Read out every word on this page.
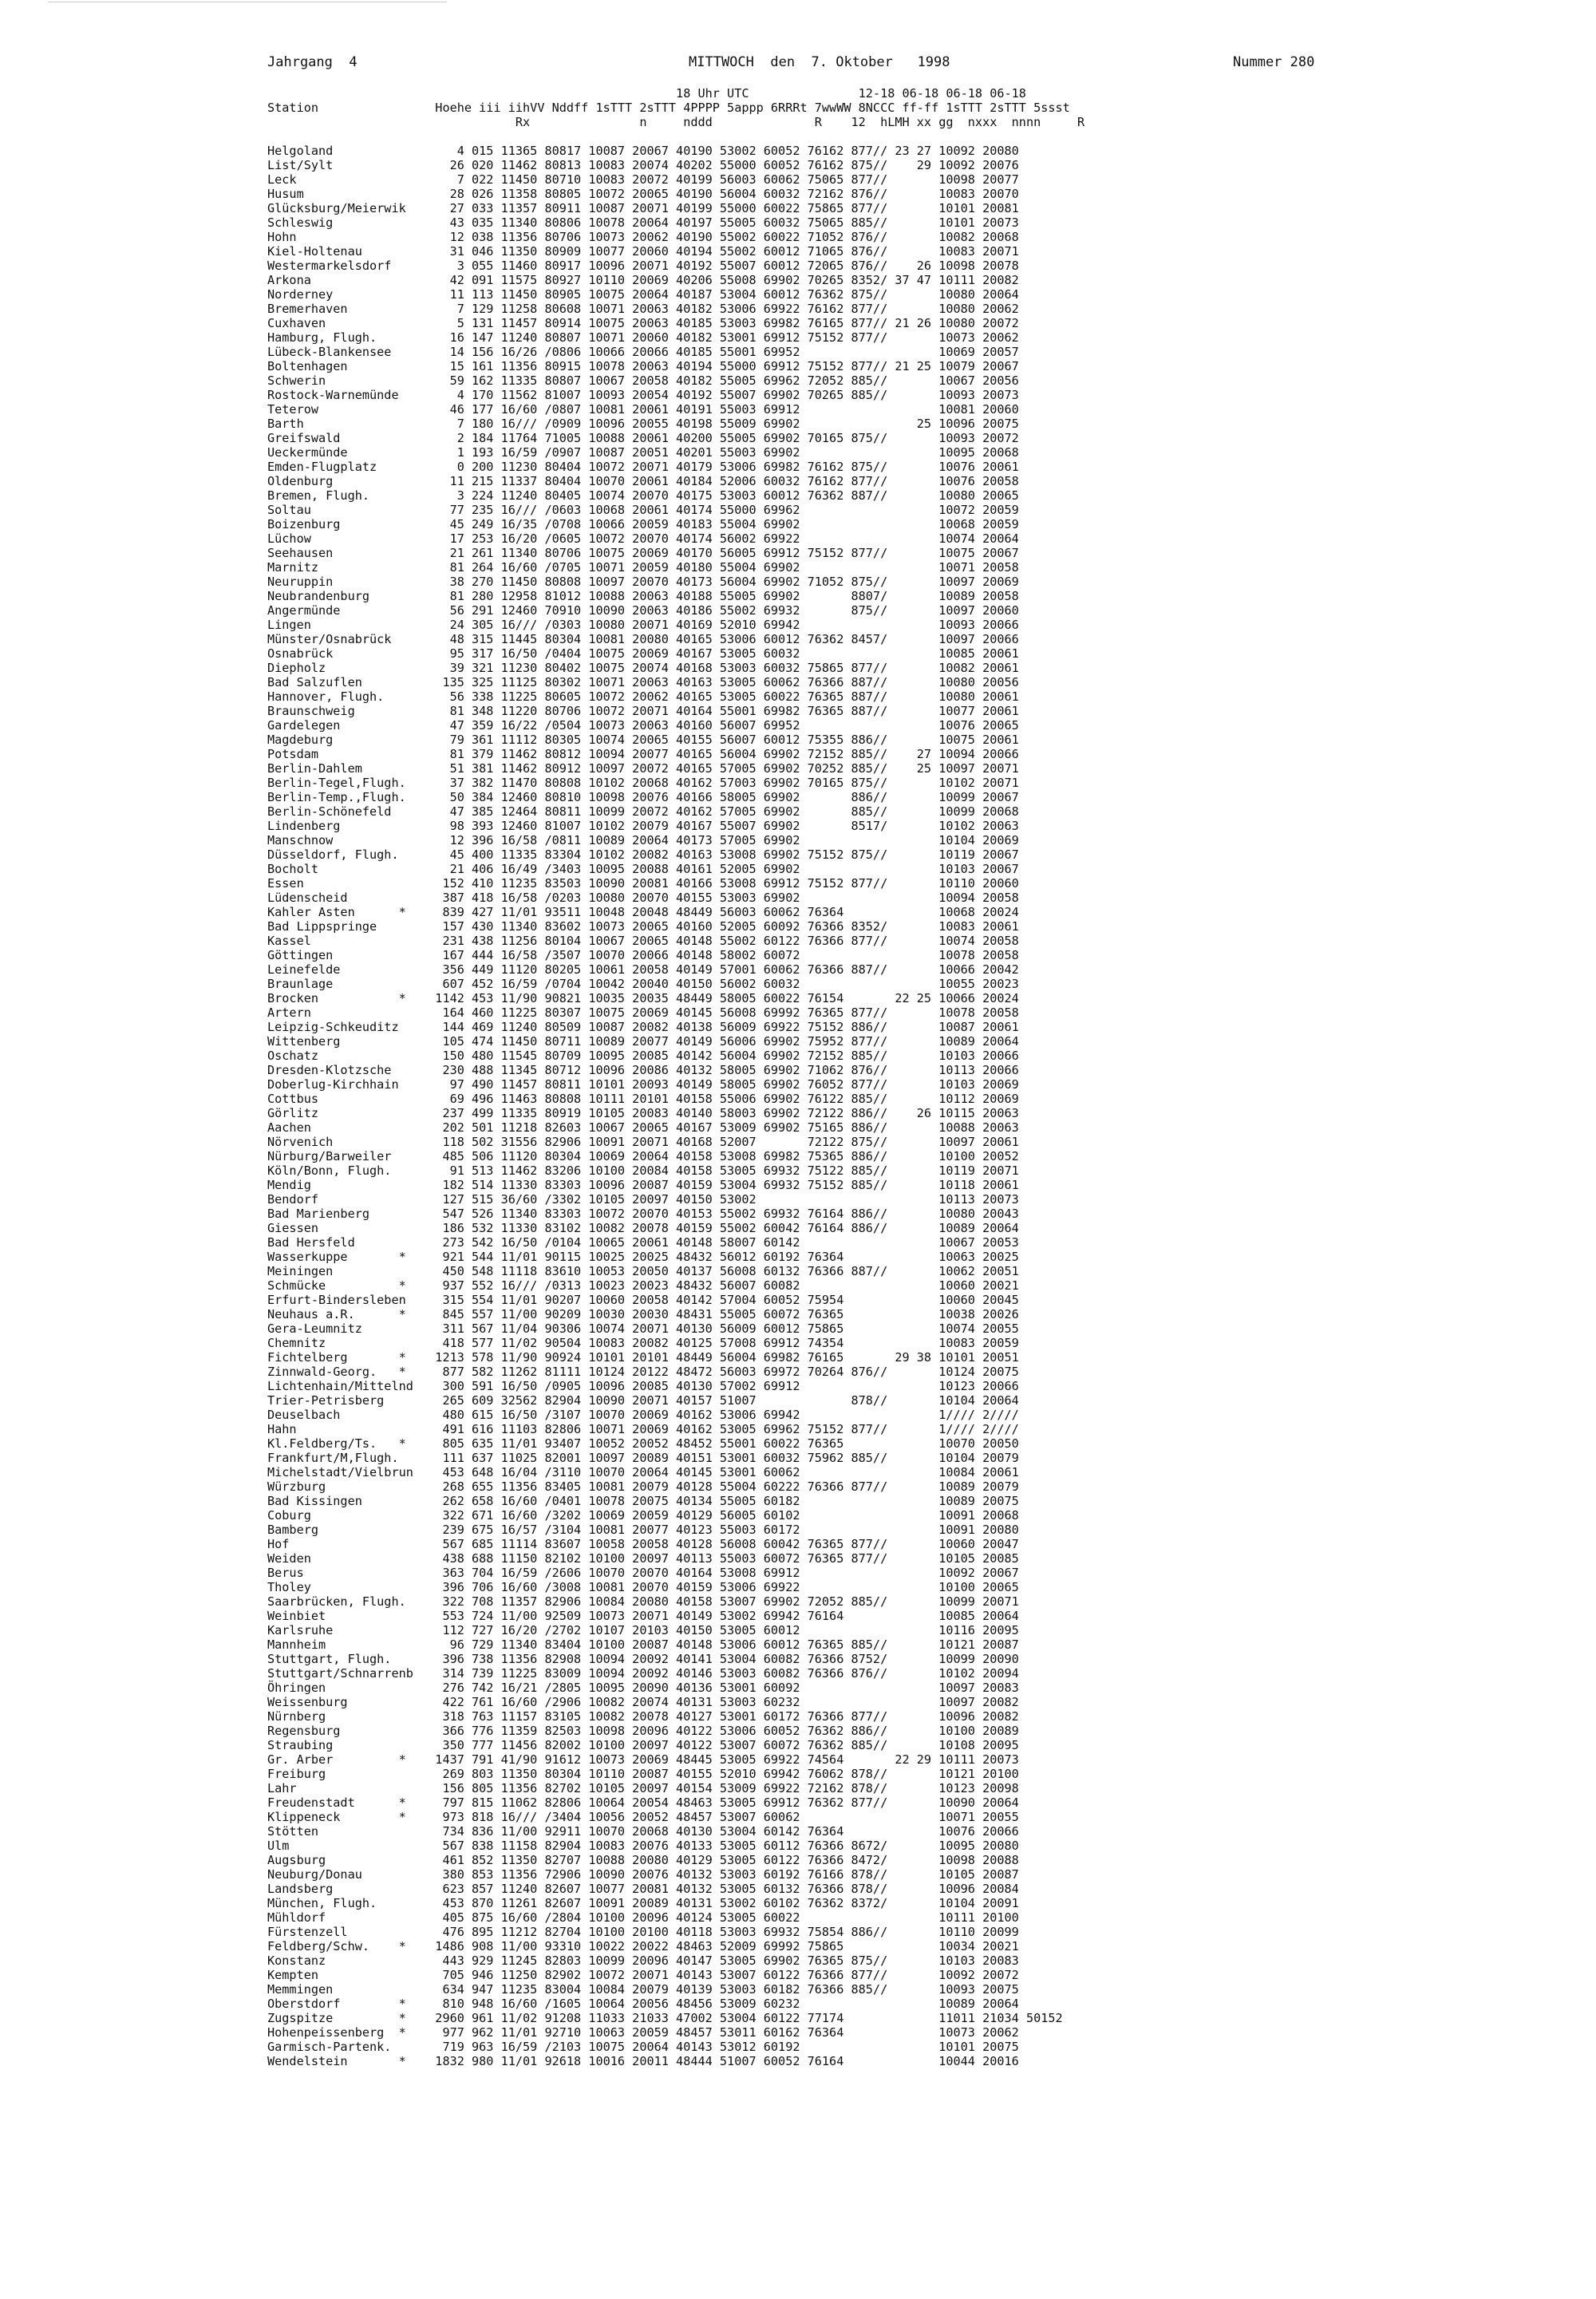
Jahrgang  4	MITTWOCH  den  7. Oktober   1998	Nummer 280
18 Uhr UTC               12-18 06-18 06-18 06-18
Station                Hoehe iii iihVV Nddff 1sTTT 2sTTT 4PPPP 5appp 6RRRt 7wwWW 8NCCC ff-ff 1sTTT 2sTTT 5ssst
Rx               n     nddd              R    12  hLMH xx gg  nxxx  nnnn     R
Helgoland                 4 015 11365 80817 10087 20067 40190 53002 60052 76162 877// 23 27 10092 20080
List/Sylt                26 020 11462 80813 10083 20074 40202 55000 60052 76162 875//    29 10092 20076
Leck                      7 022 11450 80710 10083 20072 40199 56003 60062 75065 877//       10098 20077
Husum                    28 026 11358 80805 10072 20065 40190 56004 60032 72162 876//       10083 20070
Glücksburg/Meierwik      27 033 11357 80911 10087 20071 40199 55000 60022 75865 877//       10101 20081
Schleswig                43 035 11340 80806 10078 20064 40197 55005 60032 75065 885//       10101 20073
Hohn                     12 038 11356 80706 10073 20062 40190 55002 60022 71052 876//       10082 20068
Kiel-Holtenau            31 046 11350 80909 10077 20060 40194 55002 60012 71065 876//       10083 20071
Westermarkelsdorf         3 055 11460 80917 10096 20071 40192 55007 60012 72065 876//    26 10098 20078
Arkona                   42 091 11575 80927 10110 20069 40206 55008 69902 70265 8352/ 37 47 10111 20082
Norderney                11 113 11450 80905 10075 20064 40187 53004 60012 76362 875//       10080 20064
Bremerhaven               7 129 11258 80608 10071 20063 40182 53006 69922 76162 877//       10080 20062
Cuxhaven                  5 131 11457 80914 10075 20063 40185 53003 69982 76165 877// 21 26 10080 20072
Hamburg, Flugh.          16 147 11240 80807 10071 20060 40182 53001 69912 75152 877//       10073 20062
Lübeck-Blankensee        14 156 16/26 /0806 10066 20066 40185 55001 69952                   10069 20057
Boltenhagen              15 161 11356 80915 10078 20063 40194 55000 69912 75152 877// 21 25 10079 20067
Schwerin                 59 162 11335 80807 10067 20058 40182 55005 69962 72052 885//       10067 20056
Rostock-Warnemünde        4 170 11562 81007 10093 20054 40192 55007 69902 70265 885//       10093 20073
Teterow                  46 177 16/60 /0807 10081 20061 40191 55003 69912                   10081 20060
Barth                     7 180 16/// /0909 10096 20055 40198 55009 69902                25 10096 20075
Greifswald                2 184 11764 71005 10088 20061 40200 55005 69902 70165 875//       10093 20072
Ueckermünde               1 193 16/59 /0907 10087 20051 40201 55003 69902                   10095 20068
Emden-Flugplatz           0 200 11230 80404 10072 20071 40179 53006 69982 76162 875//       10076 20061
Oldenburg                11 215 11337 80404 10070 20061 40184 52006 60032 76162 877//       10076 20058
Bremen, Flugh.            3 224 11240 80405 10074 20070 40175 53003 60012 76362 887//       10080 20065
Soltau                   77 235 16/// /0603 10068 20061 40174 55000 69962                   10072 20059
Boizenburg               45 249 16/35 /0708 10066 20059 40183 55004 69902                   10068 20059
Lüchow                   17 253 16/20 /0605 10072 20070 40174 56002 69922                   10074 20064
Seehausen                21 261 11340 80706 10075 20069 40170 56005 69912 75152 877//       10075 20067
Marnitz                  81 264 16/60 /0705 10071 20059 40180 55004 69902                   10071 20058
Neuruppin                38 270 11450 80808 10097 20070 40173 56004 69902 71052 875//       10097 20069
Neubrandenburg           81 280 12958 81012 10088 20063 40188 55005 69902       8807/       10089 20058
Angermünde               56 291 12460 70910 10090 20063 40186 55002 69932       875//       10097 20060
Lingen                   24 305 16/// /0303 10080 20071 40169 52010 69942                   10093 20066
Münster/Osnabrück        48 315 11445 80304 10081 20080 40165 53006 60012 76362 8457/       10097 20066
Osnabrück                95 317 16/50 /0404 10075 20069 40167 53005 60032                   10085 20061
Diepholz                 39 321 11230 80402 10075 20074 40168 53003 60032 75865 877//       10082 20061
Bad Salzuflen           135 325 11125 80302 10071 20063 40163 53005 60062 76366 887//       10080 20056
Hannover, Flugh.         56 338 11225 80605 10072 20062 40165 53005 60022 76365 887//       10080 20061
Braunschweig             81 348 11220 80706 10072 20071 40164 55001 69982 76365 887//       10077 20061
Gardelegen               47 359 16/22 /0504 10073 20063 40160 56007 69952                   10076 20065
Magdeburg                79 361 11112 80305 10074 20065 40155 56007 60012 75355 886//       10075 20061
Potsdam                  81 379 11462 80812 10094 20077 40165 56004 69902 72152 885//    27 10094 20066
Berlin-Dahlem            51 381 11462 80912 10097 20072 40165 57005 69902 70252 885//    25 10097 20071
Berlin-Tegel,Flugh.      37 382 11470 80808 10102 20068 40162 57003 69902 70165 875//       10102 20071
Berlin-Temp.,Flugh.      50 384 12460 80810 10098 20076 40166 58005 69902       886//       10099 20067
Berlin-Schönefeld        47 385 12464 80811 10099 20072 40162 57005 69902       885//       10099 20068
Lindenberg               98 393 12460 81007 10102 20079 40167 55007 69902       8517/       10102 20063
Manschnow                12 396 16/58 /0811 10089 20064 40173 57005 69902                   10104 20069
Düsseldorf, Flugh.       45 400 11335 83304 10102 20082 40163 53008 69902 75152 875//       10119 20067
Bocholt                  21 406 16/49 /3403 10095 20088 40161 52005 69902                   10103 20067
Essen                   152 410 11235 83503 10090 20081 40166 53008 69912 75152 877//       10110 20060
Lüdenscheid             387 418 16/58 /0203 10080 20070 40155 53003 69902                   10094 20058
Kahler Asten      *     839 427 11/01 93511 10048 20048 48449 56003 60062 76364             10068 20024
Bad Lippspringe         157 430 11340 83602 10073 20065 40160 52005 60092 76366 8352/       10083 20061
Kassel                  231 438 11256 80104 10067 20065 40148 55002 60122 76366 877//       10074 20058
Göttingen               167 444 16/58 /3507 10070 20066 40148 58002 60072                   10078 20058
Leinefelde              356 449 11120 80205 10061 20058 40149 57001 60062 76366 887//       10066 20042
Braunlage               607 452 16/59 /0704 10042 20040 40150 56002 60032                   10055 20023
Brocken           *    1142 453 11/90 90821 10035 20035 48449 58005 60022 76154       22 25 10066 20024
Artern                  164 460 11225 80307 10075 20069 40145 56008 69992 76365 877//       10078 20058
Leipzig-Schkeuditz      144 469 11240 80509 10087 20082 40138 56009 69922 75152 886//       10087 20061
Wittenberg              105 474 11450 80711 10089 20077 40149 56006 69902 75952 877//       10089 20064
Oschatz                 150 480 11545 80709 10095 20085 40142 56004 69902 72152 885//       10103 20066
Dresden-Klotzsche       230 488 11345 80712 10096 20086 40132 58005 69902 71062 876//       10113 20066
Doberlug-Kirchhain       97 490 11457 80811 10101 20093 40149 58005 69902 76052 877//       10103 20069
Cottbus                  69 496 11463 80808 10111 20101 40158 55006 69902 76122 885//       10112 20069
Görlitz                 237 499 11335 80919 10105 20083 40140 58003 69902 72122 886//    26 10115 20063
Aachen                  202 501 11218 82603 10067 20065 40167 53009 69902 75165 886//       10088 20063
Nörvenich               118 502 31556 82906 10091 20071 40168 52007       72122 875//       10097 20061
Nürburg/Barweiler       485 506 11120 80304 10069 20064 40158 53008 69982 75365 886//       10100 20052
Köln/Bonn, Flugh.        91 513 11462 83206 10100 20084 40158 53005 69932 75122 885//       10119 20071
Mendig                  182 514 11330 83303 10096 20087 40159 53004 69932 75152 885//       10118 20061
Bendorf                 127 515 36/60 /3302 10105 20097 40150 53002                         10113 20073
Bad Marienberg          547 526 11340 83303 10072 20070 40153 55002 69932 76164 886//       10080 20043
Giessen                 186 532 11330 83102 10082 20078 40159 55002 60042 76164 886//       10089 20064
Bad Hersfeld            273 542 16/50 /0104 10065 20061 40148 58007 60142                   10067 20053
Wasserkuppe       *     921 544 11/01 90115 10025 20025 48432 56012 60192 76364             10063 20025
Meiningen               450 548 11118 83610 10053 20050 40137 56008 60132 76366 887//       10062 20051
Schmücke          *     937 552 16/// /0313 10023 20023 48432 56007 60082                   10060 20021
Erfurt-Bindersleben     315 554 11/01 90207 10060 20058 40142 57004 60052 75954             10060 20045
Neuhaus a.R.      *     845 557 11/00 90209 10030 20030 48431 55005 60072 76365             10038 20026
Gera-Leumnitz           311 567 11/04 90306 10074 20071 40130 56009 60012 75865             10074 20055
Chemnitz                418 577 11/02 90504 10083 20082 40125 57008 69912 74354             10083 20059
Fichtelberg       *    1213 578 11/90 90924 10101 20101 48449 56004 69982 76165       29 38 10101 20051
Zinnwald-Georg.   *     877 582 11262 81111 10124 20122 48472 56003 69972 70264 876//       10124 20075
Lichtenhain/Mittelnd    300 591 16/50 /0905 10096 20085 40130 57002 69912                   10123 20066
Trier-Petrisberg        265 609 32562 82904 10090 20071 40157 51007             878//       10104 20064
Deuselbach              480 615 16/50 /3107 10070 20069 40162 53006 69942                   1//// 2////
Hahn                    491 616 11103 82806 10071 20069 40162 53005 69962 75152 877//       1//// 2////
Kl.Feldberg/Ts.   *     805 635 11/01 93407 10052 20052 48452 55001 60022 76365             10070 20050
Frankfurt/M,Flugh.      111 637 11025 82001 10097 20089 40151 53001 60032 75962 885//       10104 20079
Michelstadt/Vielbrun    453 648 16/04 /3110 10070 20064 40145 53001 60062                   10084 20061
Würzburg                268 655 11356 83405 10081 20079 40128 55004 60222 76366 877//       10089 20079
Bad Kissingen           262 658 16/60 /0401 10078 20075 40134 55005 60182                   10089 20075
Coburg                  322 671 16/60 /3202 10069 20059 40129 56005 60102                   10091 20068
Bamberg                 239 675 16/57 /3104 10081 20077 40123 55003 60172                   10091 20080
Hof                     567 685 11114 83607 10058 20058 40128 56008 60042 76365 877//       10060 20047
Weiden                  438 688 11150 82102 10100 20097 40113 55003 60072 76365 877//       10105 20085
Berus                   363 704 16/59 /2606 10070 20070 40164 53008 69912                   10092 20067
Tholey                  396 706 16/60 /3008 10081 20070 40159 53006 69922                   10100 20065
Saarbrücken, Flugh.     322 708 11357 82906 10084 20080 40158 53007 69902 72052 885//       10099 20071
Weinbiet                553 724 11/00 92509 10073 20071 40149 53002 69942 76164             10085 20064
Karlsruhe               112 727 16/20 /2702 10107 20103 40150 53005 60012                   10116 20095
Mannheim                 96 729 11340 83404 10100 20087 40148 53006 60012 76365 885//       10121 20087
Stuttgart, Flugh.       396 738 11356 82908 10094 20092 40141 53004 60082 76366 8752/       10099 20090
Stuttgart/Schnarrenb    314 739 11225 83009 10094 20092 40146 53003 60082 76366 876//       10102 20094
Öhringen                276 742 16/21 /2805 10095 20090 40136 53001 60092                   10097 20083
Weissenburg             422 761 16/60 /2906 10082 20074 40131 53003 60232                   10097 20082
Nürnberg                318 763 11157 83105 10082 20078 40127 53001 60172 76366 877//       10096 20082
Regensburg              366 776 11359 82503 10098 20096 40122 53006 60052 76362 886//       10100 20089
Straubing               350 777 11456 82002 10100 20097 40122 53007 60072 76362 885//       10108 20095
Gr. Arber         *    1437 791 41/90 91612 10073 20069 48445 53005 69922 74564       22 29 10111 20073
Freiburg                269 803 11350 80304 10110 20087 40155 52010 69942 76062 878//       10121 20100
Lahr                    156 805 11356 82702 10105 20097 40154 53009 69922 72162 878//       10123 20098
Freudenstadt      *     797 815 11062 82806 10064 20054 48463 53005 69912 76362 877//       10090 20064
Klippeneck        *     973 818 16/// /3404 10056 20052 48457 53007 60062                   10071 20055
Stötten                 734 836 11/00 92911 10070 20068 40130 53004 60142 76364             10076 20066
Ulm                     567 838 11158 82904 10083 20076 40133 53005 60112 76366 8672/       10095 20080
Augsburg                461 852 11350 82707 10088 20080 40129 53005 60122 76366 8472/       10098 20088
Neuburg/Donau           380 853 11356 72906 10090 20076 40132 53003 60192 76166 878//       10105 20087
Landsberg               623 857 11240 82607 10077 20081 40132 53005 60132 76366 878//       10096 20084
München, Flugh.         453 870 11261 82607 10091 20089 40131 53002 60102 76362 8372/       10104 20091
Mühldorf                405 875 16/60 /2804 10100 20096 40124 53005 60022                   10111 20100
Fürstenzell             476 895 11212 82704 10100 20100 40118 53003 69932 75854 886//       10110 20099
Feldberg/Schw.    *    1486 908 11/00 93310 10022 20022 48463 52009 69992 75865             10034 20021
Konstanz                443 929 11245 82803 10099 20096 40147 53005 69902 76365 875//       10103 20083
Kempten                 705 946 11250 82902 10072 20071 40143 53007 60122 76366 877//       10092 20072
Memmingen               634 947 11235 83004 10084 20079 40139 53003 60182 76366 885//       10093 20075
Oberstdorf        *     810 948 16/60 /1605 10064 20056 48456 53009 60232                   10089 20064
Zugspitze         *    2960 961 11/02 91208 11033 21033 47002 53004 60122 77174             11011 21034 50152
Hohenpeissenberg  *     977 962 11/01 92710 10063 20059 48457 53011 60162 76364             10073 20062
Garmisch-Partenk.       719 963 16/59 /2103 10075 20064 40143 53012 60192                   10101 20075
Wendelstein       *    1832 980 11/01 92618 10016 20011 48444 51007 60052 76164             10044 20016
